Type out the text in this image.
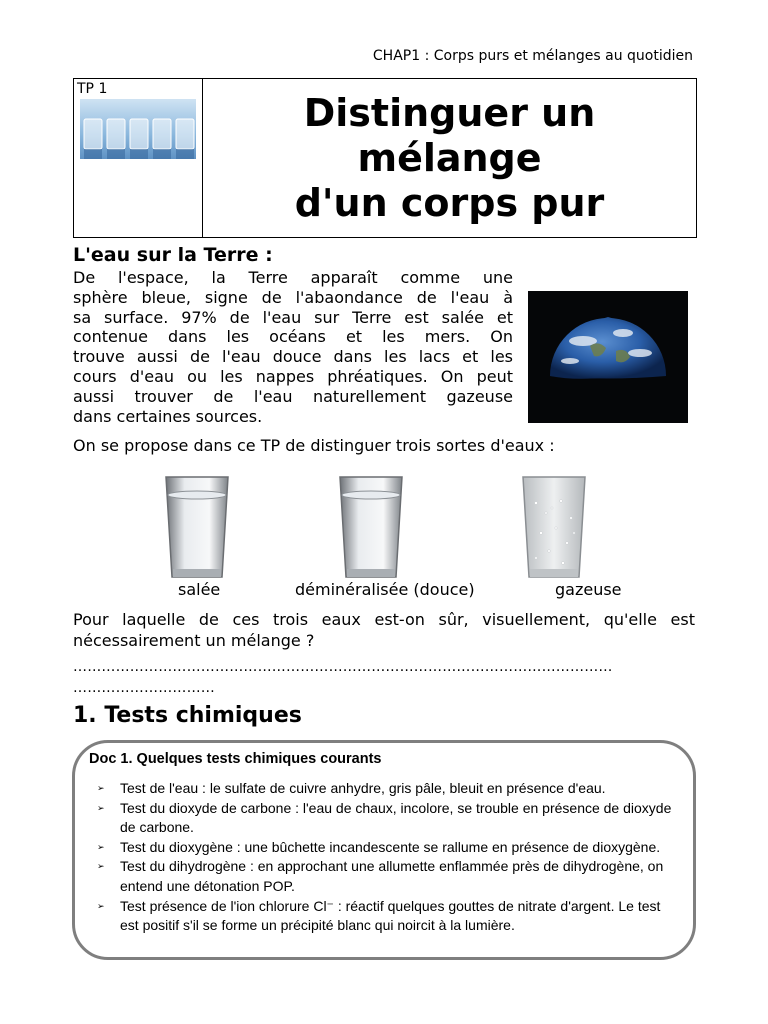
CHAP1 : Corps purs et mélanges au quotidien
TP 1
Distinguer un
mélange
d'un corps pur
L'eau sur la Terre :
De l'espace, la Terre apparaît comme une
sphère bleue, signe de l'abaondance de l'eau à
sa surface. 97% de l'eau sur Terre est salée et
contenue dans les océans et les mers. On
trouve aussi de l'eau douce dans les lacs et les
cours d'eau ou les nappes phréatiques. On peut
aussi trouver de l'eau naturellement gazeuse
dans certaines sources.
On se propose dans ce TP de distinguer trois sortes d'eaux :
salée	déminéralisée (douce)	gazeuse
Pour laquelle de ces trois eaux est-on sûr, visuellement, qu'elle est
nécessairement un mélange ?
……………………………………………………………………………………………………
…………………………
1. Tests chimiques
Doc 1. Quelques tests chimiques courants
➢ Test de l'eau : le sulfate de cuivre anhydre, gris pâle, bleuit en présence d'eau.
➢ Test du dioxyde de carbone : l'eau de chaux, incolore, se trouble en présence de dioxyde de carbone.
➢ Test du dioxygène : une bûchette incandescente se rallume en présence de dioxygène.
➢ Test du dihydrogène : en approchant une allumette enflammée près de dihydrogène, on entend une détonation POP.
➢ Test présence de l'ion chlorure Cl⁻ : réactif quelques gouttes de nitrate d'argent. Le test est positif s'il se forme un précipité blanc qui noircit à la lumière.
